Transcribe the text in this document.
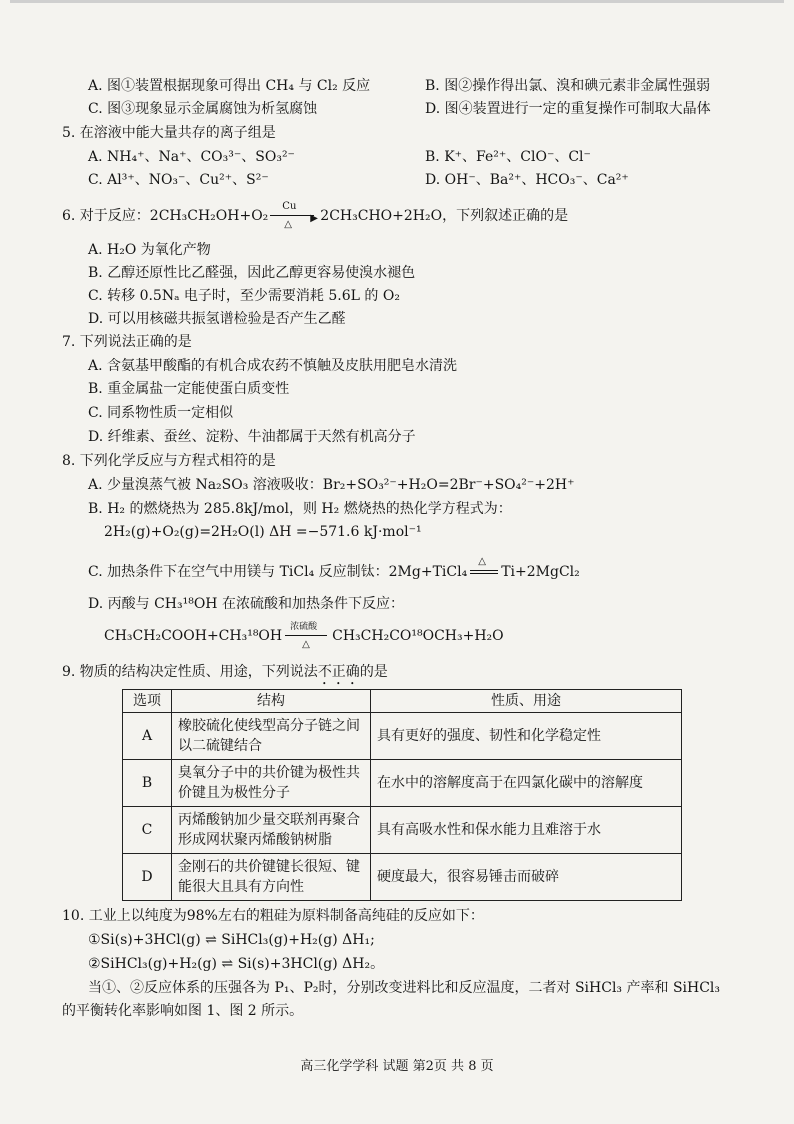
A. 图①装置根据现象可得出 CH₄ 与 Cl₂ 反应	B. 图②操作得出氯、溴和碘元素非金属性强弱
C. 图③现象显示金属腐蚀为析氢腐蚀	D. 图④装置进行一定的重复操作可制取大晶体
5. 在溶液中能大量共存的离子组是
A. NH₄⁺、Na⁺、CO₃³⁻、SO₃²⁻	B. K⁺、Fe²⁺、ClO⁻、Cl⁻
C. Al³⁺、NO₃⁻、Cu²⁺、S²⁻	D. OH⁻、Ba²⁺、HCO₃⁻、Ca²⁺
6. 对于反应：2CH₃CH₂OH+O₂
Cu
▶
△
2CH₃CHO+2H₂O，下列叙述正确的是
A. H₂O 为氧化产物
B. 乙醇还原性比乙醛强，因此乙醇更容易使溴水褪色
C. 转移 0.5Nₐ 电子时，至少需要消耗 5.6L 的 O₂
D. 可以用核磁共振氢谱检验是否产生乙醛
7. 下列说法正确的是
A. 含氨基甲酸酯的有机合成农药不慎触及皮肤用肥皂水清洗
B. 重金属盐一定能使蛋白质变性
C. 同系物性质一定相似
D. 纤维素、蚕丝、淀粉、牛油都属于天然有机高分子
8. 下列化学反应与方程式相符的是
A. 少量溴蒸气被 Na₂SO₃ 溶液吸收：Br₂+SO₃²⁻+H₂O=2Br⁻+SO₄²⁻+2H⁺
B. H₂ 的燃烧热为 285.8kJ/mol，则 H₂ 燃烧热的热化学方程式为：
2H₂(g)+O₂(g)=2H₂O(l) ΔH =−571.6 kJ·mol⁻¹
C. 加热条件下在空气中用镁与 TiCl₄ 反应制钛：2Mg+TiCl₄
△
Ti+2MgCl₂
D. 丙酸与 CH₃¹⁸OH 在浓硫酸和加热条件下反应：
CH₃CH₂COOH+CH₃¹⁸OH
浓硫酸
△
CH₃CH₂CO¹⁸OCH₃+H₂O
9. 物质的结构决定性质、用途，下列说法不正确的是
选项	结构	性质、用途
A	橡胶硫化使线型高分子链之间以二硫键结合	具有更好的强度、韧性和化学稳定性
B	臭氧分子中的共价键为极性共价键且为极性分子	在水中的溶解度高于在四氯化碳中的溶解度
C	丙烯酸钠加少量交联剂再聚合形成网状聚丙烯酸钠树脂	具有高吸水性和保水能力且难溶于水
D	金刚石的共价键键长很短、键能很大且具有方向性	硬度最大，很容易锤击而破碎
10. 工业上以纯度为98%左右的粗硅为原料制备高纯硅的反应如下：
①Si(s)+3HCl(g) ⇌ SiHCl₃(g)+H₂(g) ΔH₁;
②SiHCl₃(g)+H₂(g) ⇌ Si(s)+3HCl(g) ΔH₂。
当①、②反应体系的压强各为 P₁、P₂时，分别改变进料比和反应温度，二者对 SiHCl₃ 产率和 SiHCl₃
的平衡转化率影响如图 1、图 2 所示。
高三化学学科 试题 第2页 共 8 页
